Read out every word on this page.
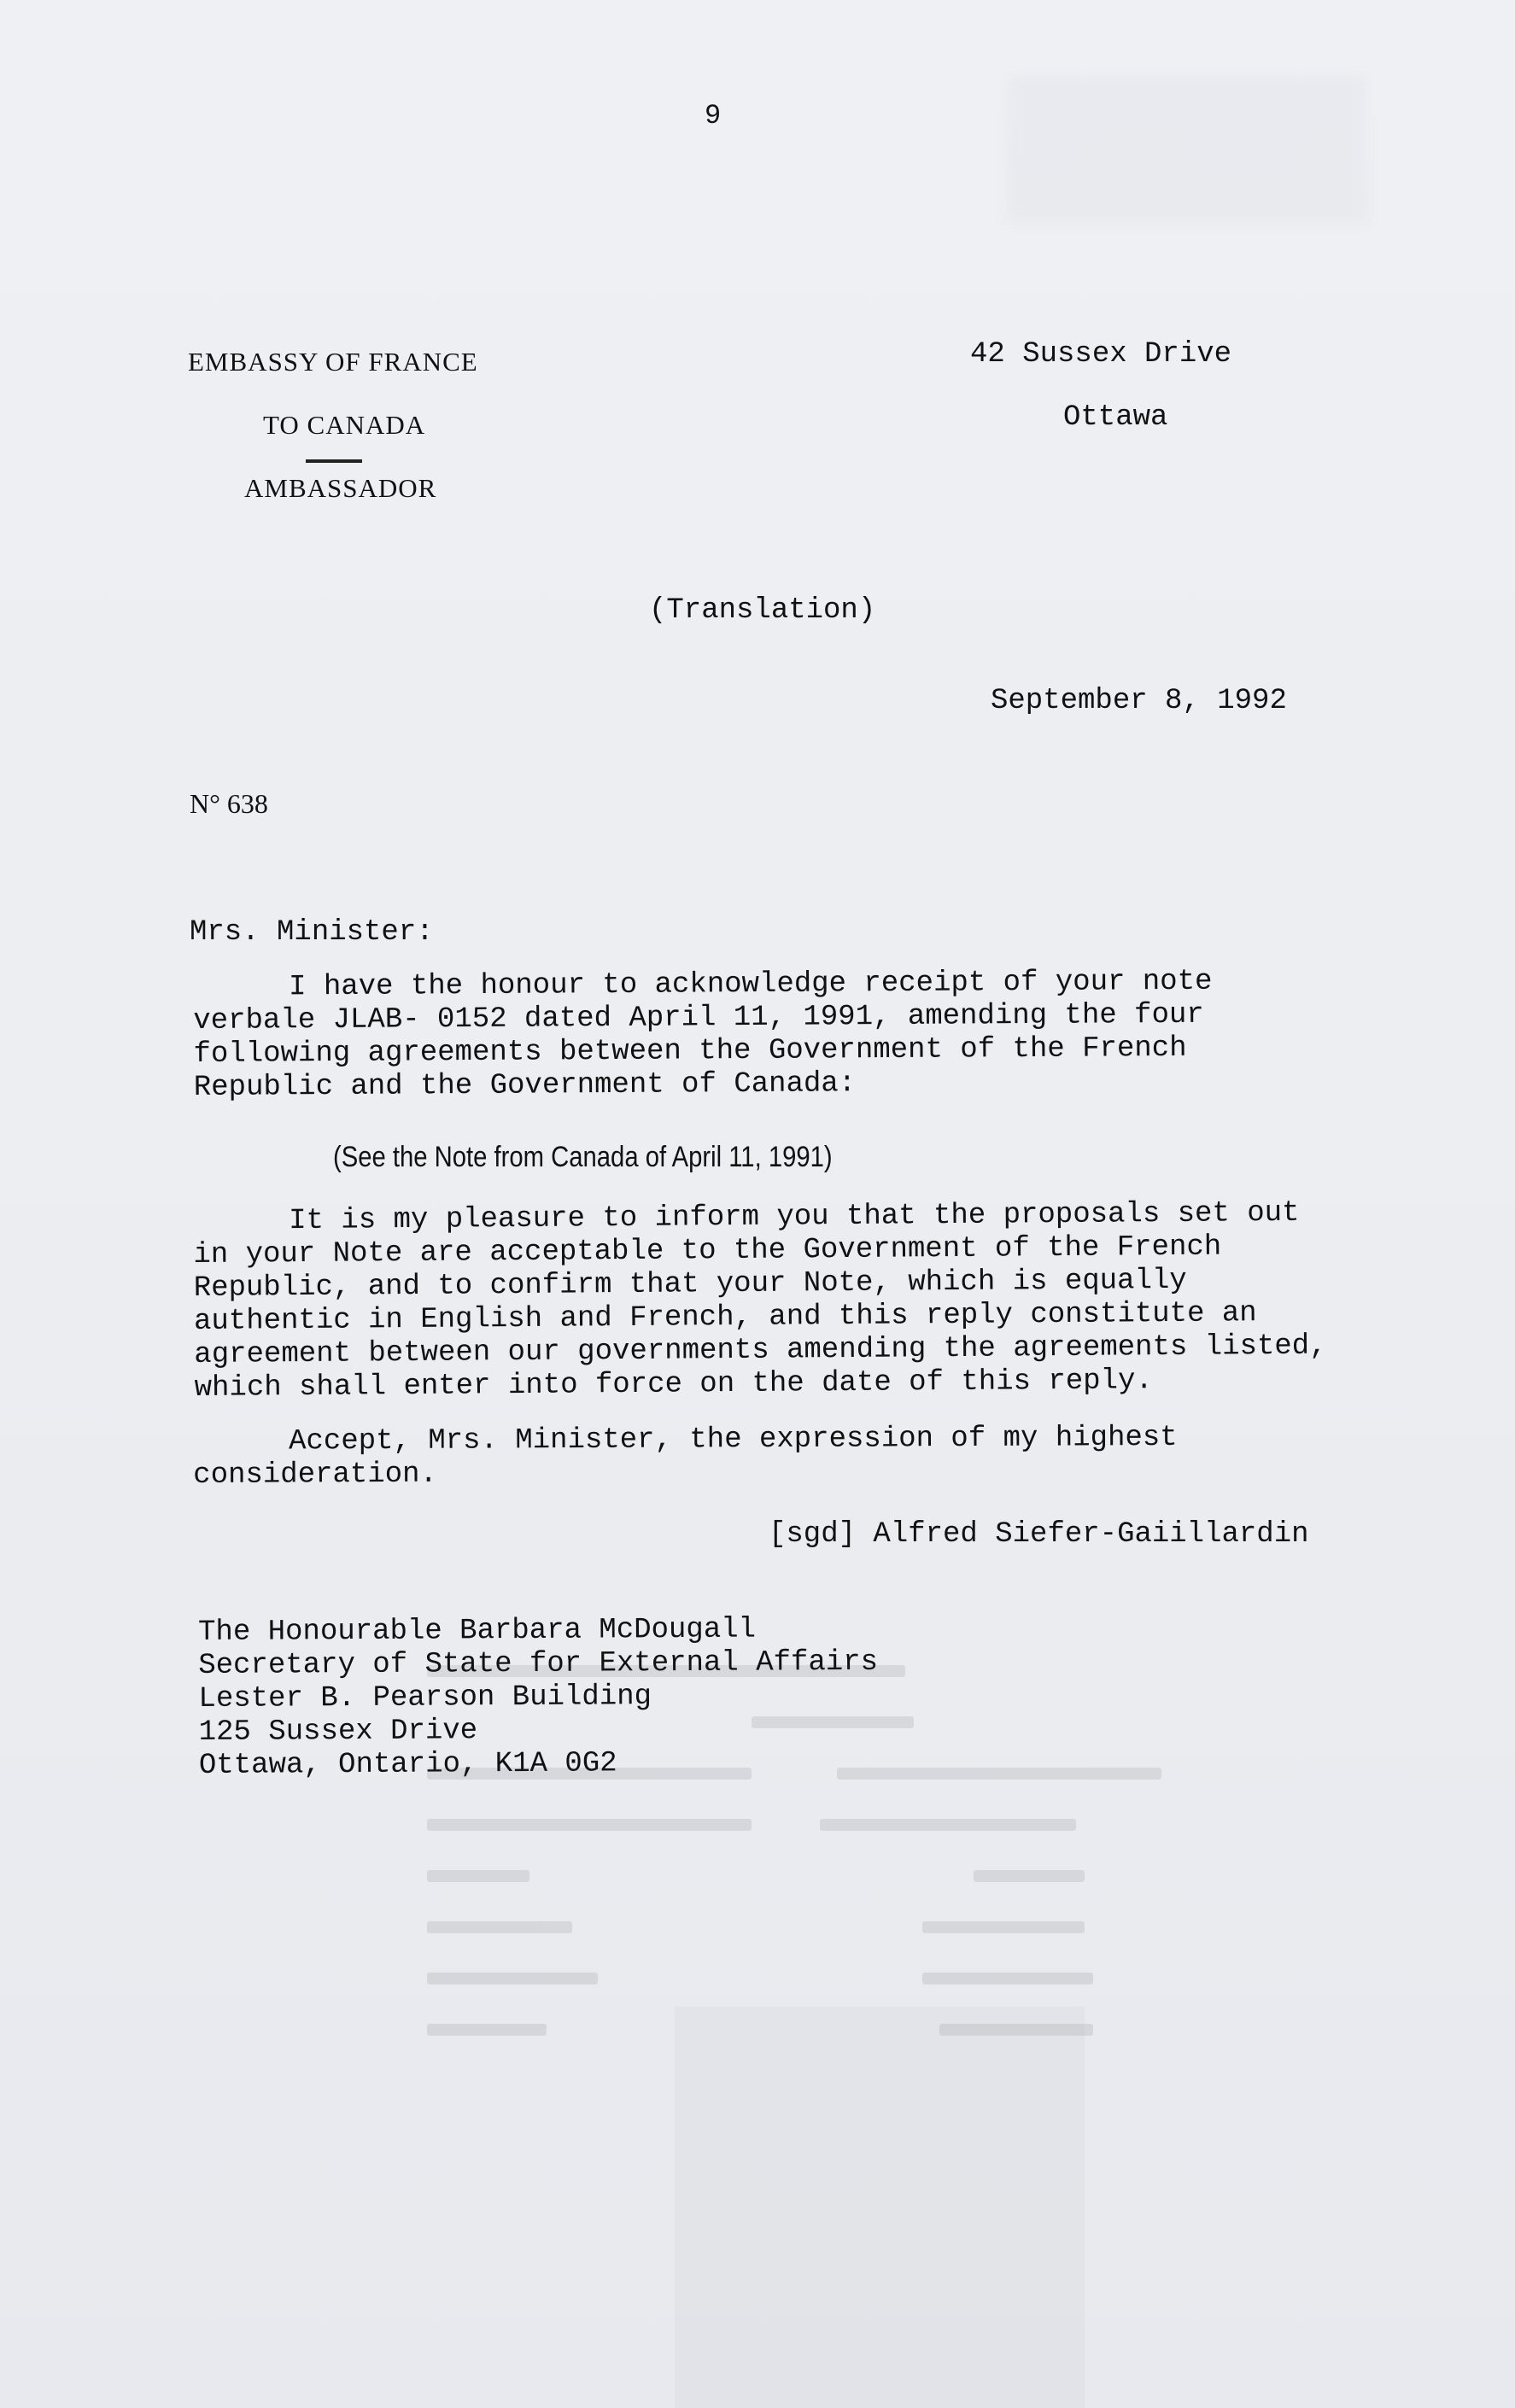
9
EMBASSY OF FRANCE
TO CANADA
AMBASSADOR
42 Sussex Drive
Ottawa
(Translation)
September 8, 1992
N° 638
Mrs. Minister:
I have the honour to acknowledge receipt of your note
verbale JLAB- 0152 dated April 11, 1991, amending the four
following agreements between the Government of the French
Republic and the Government of Canada:
(See the Note from Canada of April 11, 1991)
It is my pleasure to inform you that the proposals set out
in your Note are acceptable to the Government of the French
Republic, and to confirm that your Note, which is equally
authentic in English and French, and this reply constitute an
agreement between our governments amending the agreements listed,
which shall enter into force on the date of this reply.
Accept, Mrs. Minister, the expression of my highest
consideration.
[sgd] Alfred Siefer-Gaiillardin
The Honourable Barbara McDougall
Secretary of State for External Affairs
Lester B. Pearson Building
125 Sussex Drive
Ottawa, Ontario, K1A 0G2
